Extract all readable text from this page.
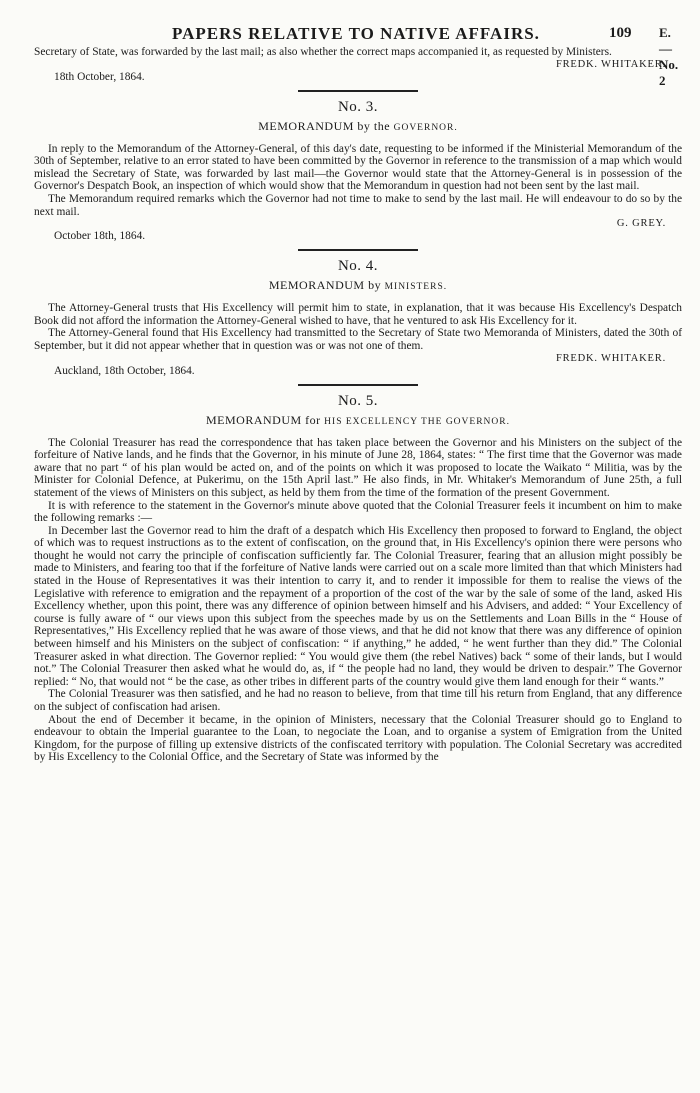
PAPERS RELATIVE TO NATIVE AFFAIRS.	109 E.—No. 2

Secretary of State, was forwarded by the last mail; as also whether the correct maps accompanied it, as requested by Ministers.

FREDK. WHITAKER.
18th October, 1864.
No. 3.
MEMORANDUM by the GOVERNOR.

In reply to the Memorandum of the Attorney-General, of this day's date, requesting to be informed if the Ministerial Memorandum of the 30th of September, relative to an error stated to have been committed by the Governor in reference to the transmission of a map which would mislead the Secretary of State, was forwarded by last mail—the Governor would state that the Attorney-General is in possession of the Governor's Despatch Book, an inspection of which would show that the Memorandum in question had not been sent by the last mail.

The Memorandum required remarks which the Governor had not time to make to send by the last mail. He will endeavour to do so by the next mail.

G. GREY.
October 18th, 1864.
No. 4.
MEMORANDUM by MINISTERS.

The Attorney-General trusts that His Excellency will permit him to state, in explanation, that it was because His Excellency's Despatch Book did not afford the information the Attorney-General wished to have, that he ventured to ask His Excellency for it.

The Attorney-General found that His Excellency had transmitted to the Secretary of State two Memoranda of Ministers, dated the 30th of September, but it did not appear whether that in question was or was not one of them.

FREDK. WHITAKER.
Auckland, 18th October, 1864.
No. 5.
MEMORANDUM for HIS EXCELLENCY THE GOVERNOR.

The Colonial Treasurer has read the correspondence that has taken place between the Governor and his Ministers on the subject of the forfeiture of Native lands, and he finds that the Governor, in his minute of June 28, 1864, states: “ The first time that the Governor was made aware that no part “ of his plan would be acted on, and of the points on which it was proposed to locate the Waikato “ Militia, was by the Minister for Colonial Defence, at Pukerimu, on the 15th April last.” He also finds, in Mr. Whitaker's Memorandum of June 25th, a full statement of the views of Ministers on this subject, as held by them from the time of the formation of the present Government.

It is with reference to the statement in the Governor's minute above quoted that the Colonial Treasurer feels it incumbent on him to make the following remarks :—

In December last the Governor read to him the draft of a despatch which His Excellency then proposed to forward to England, the object of which was to request instructions as to the extent of confiscation, on the ground that, in His Excellency's opinion there were persons who thought he would not carry the principle of confiscation sufficiently far. The Colonial Treasurer, fearing that an allusion might possibly be made to Ministers, and fearing too that if the forfeiture of Native lands were carried out on a scale more limited than that which Ministers had stated in the House of Representatives it was their intention to carry it, and to render it impossible for them to realise the views of the Legislative with reference to emigration and the repayment of a proportion of the cost of the war by the sale of some of the land, asked His Excellency whether, upon this point, there was any difference of opinion between himself and his Advisers, and added: “ Your Excellency of course is fully aware of “ our views upon this subject from the speeches made by us on the Settlements and Loan Bills in the “ House of Representatives,” His Excellency replied that he was aware of those views, and that he did not know that there was any difference of opinion between himself and his Ministers on the subject of confiscation: “ if anything,” he added, “ he went further than they did.” The Colonial Treasurer asked in what direction. The Governor replied: “ You would give them (the rebel Natives) back “ some of their lands, but I would not.” The Colonial Treasurer then asked what he would do, as, if “ the people had no land, they would be driven to despair.” The Governor replied: “ No, that would not “ be the case, as other tribes in different parts of the country would give them land enough for their “ wants.”

The Colonial Treasurer was then satisfied, and he had no reason to believe, from that time till his return from England, that any difference on the subject of confiscation had arisen.

About the end of December it became, in the opinion of Ministers, necessary that the Colonial Treasurer should go to England to endeavour to obtain the Imperial guarantee to the Loan, to negociate the Loan, and to organise a system of Emigration from the United Kingdom, for the purpose of filling up extensive districts of the confiscated territory with population. The Colonial Secretary was accredited by His Excellency to the Colonial Office, and the Secretary of State was informed by the
